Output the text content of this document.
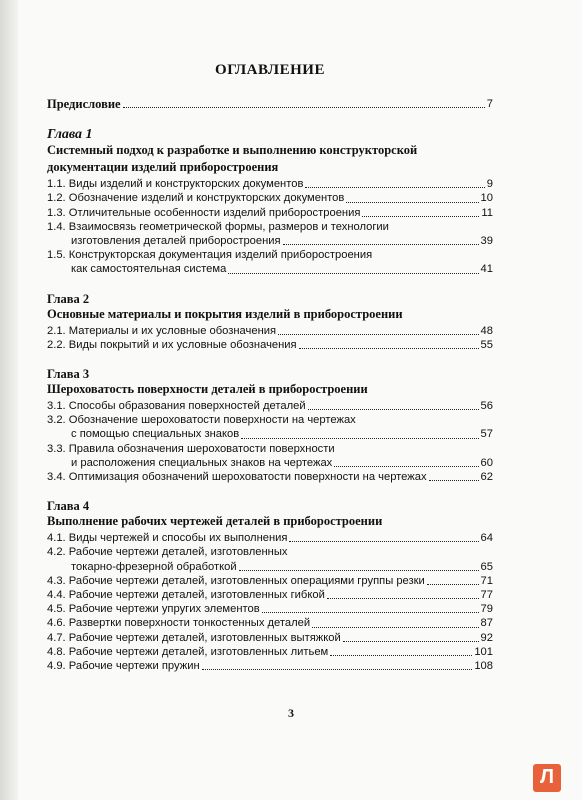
ОГЛАВЛЕНИЕ
Предисловие	7
Глава 1
Системный подход к разработке и выполнению конструкторской
документации изделий приборостроения
1.1. Виды изделий и конструкторских документов	9
1.2. Обозначение изделий и конструкторских документов	10
1.3. Отличительные особенности изделий приборостроения	11
1.4. Взаимосвязь геометрической формы, размеров и технологии
изготовления деталей приборостроения	39
1.5. Конструкторская документация изделий приборостроения
как самостоятельная система	41
Глава 2
Основные материалы и покрытия изделий в приборостроении
2.1. Материалы и их условные обозначения	48
2.2. Виды покрытий и их условные обозначения	55
Глава 3
Шероховатость поверхности деталей в приборостроении
3.1. Способы образования поверхностей деталей	56
3.2. Обозначение шероховатости поверхности на чертежах
с помощью специальных знаков	57
3.3. Правила обозначения шероховатости поверхности
и расположения специальных знаков на чертежах	60
3.4. Оптимизация обозначений шероховатости поверхности на чертежах	62
Глава 4
Выполнение рабочих чертежей деталей в приборостроении
4.1. Виды чертежей и способы их выполнения	64
4.2. Рабочие чертежи деталей, изготовленных
токарно-фрезерной обработкой	65
4.3. Рабочие чертежи деталей, изготовленных операциями группы резки	71
4.4. Рабочие чертежи деталей, изготовленных гибкой	77
4.5. Рабочие чертежи упругих элементов	79
4.6. Развертки поверхности тонкостенных деталей	87
4.7. Рабочие чертежи деталей, изготовленных вытяжкой	92
4.8. Рабочие чертежи деталей, изготовленных литьем	101
4.9. Рабочие чертежи пружин	108
3
Л
